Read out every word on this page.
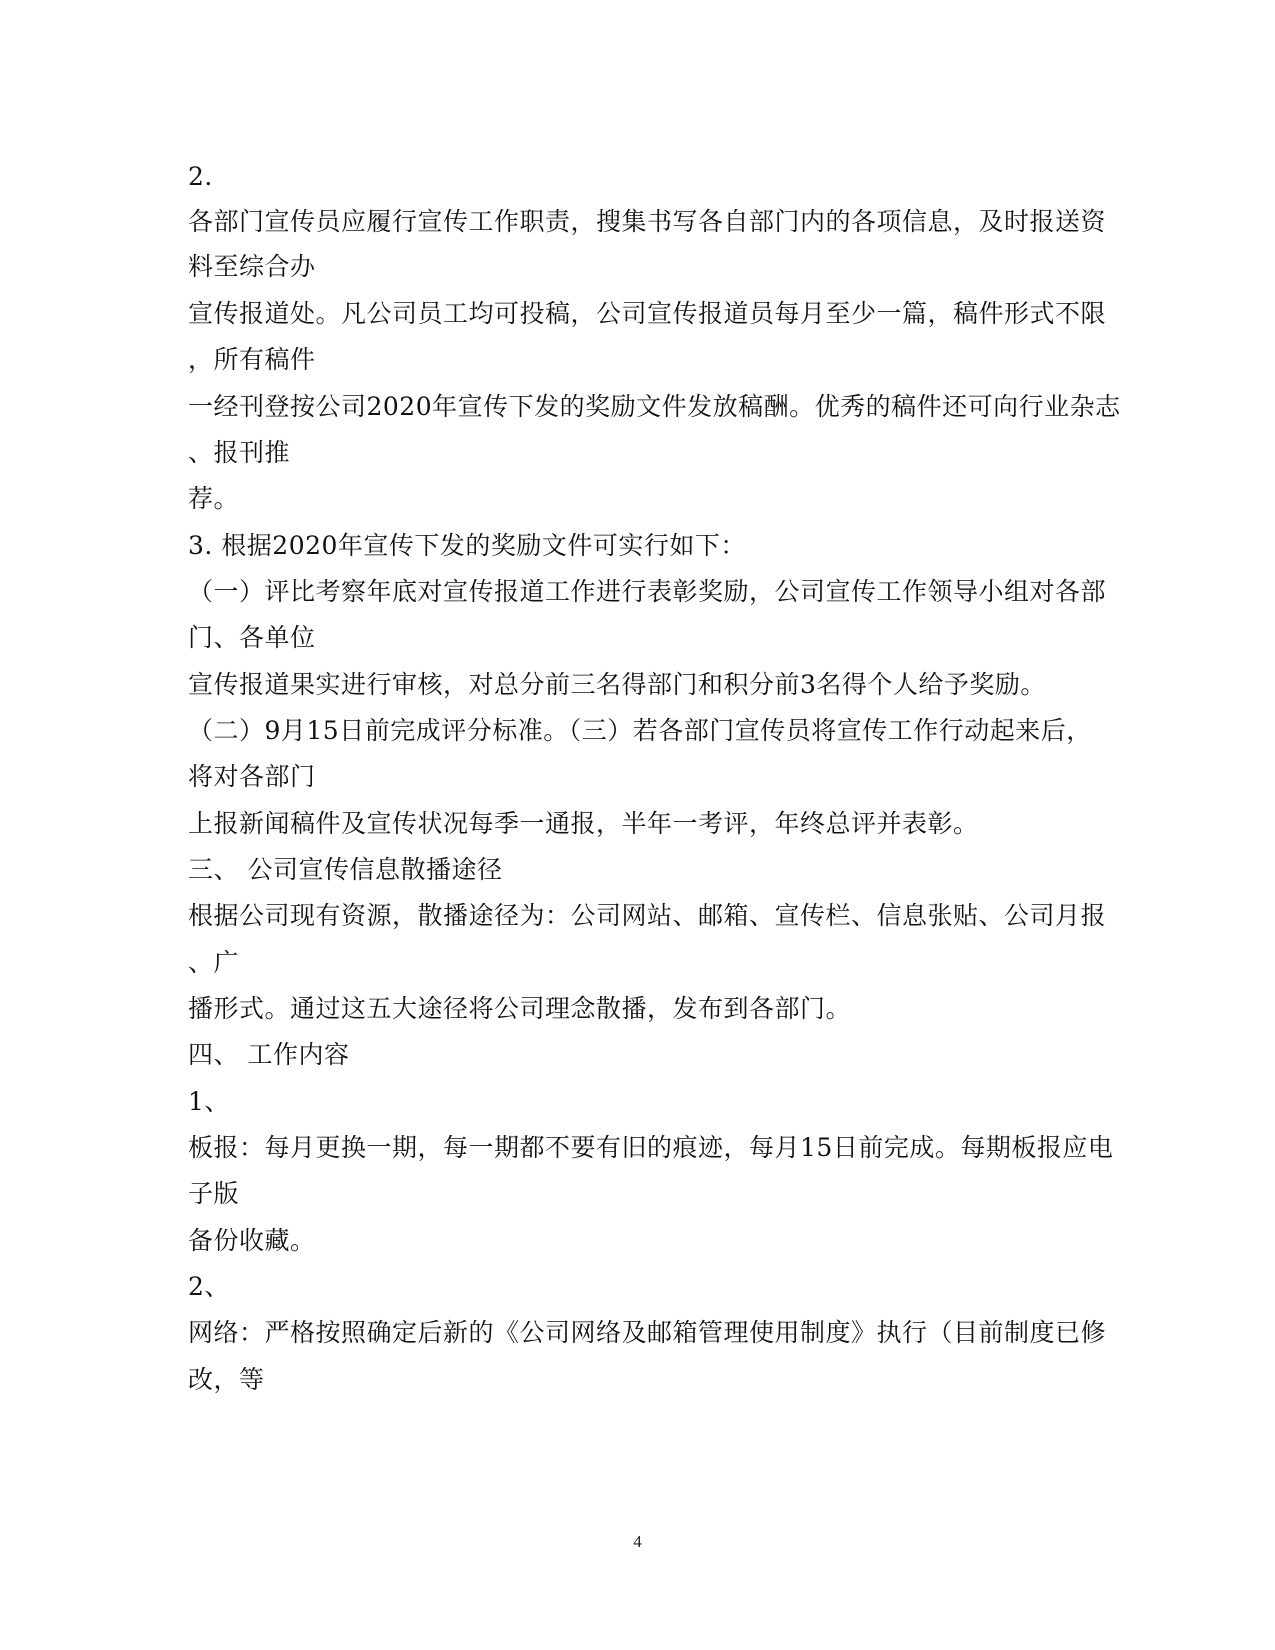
2.
各部门宣传员应履行宣传工作职责，搜集书写各自部门内的各项信息，及时报送资
料至综合办
宣传报道处。凡公司员工均可投稿，公司宣传报道员每月至少一篇，稿件形式不限
，所有稿件
一经刊登按公司2020年宣传下发的奖励文件发放稿酬。优秀的稿件还可向行业杂志
、报刊推
荐。
3. 根据2020年宣传下发的奖励文件可实行如下：
（一）评比考察年底对宣传报道工作进行表彰奖励，公司宣传工作领导小组对各部
门、各单位
宣传报道果实进行审核，对总分前三名得部门和积分前3名得个人给予奖励。
（二）9月15日前完成评分标准。（三）若各部门宣传员将宣传工作行动起来后，
将对各部门
上报新闻稿件及宣传状况每季一通报，半年一考评，年终总评并表彰。
三、 公司宣传信息散播途径
根据公司现有资源，散播途径为：公司网站、邮箱、宣传栏、信息张贴、公司月报
、广
播形式。通过这五大途径将公司理念散播，发布到各部门。
四、 工作内容
1、
板报：每月更换一期，每一期都不要有旧的痕迹，每月15日前完成。每期板报应电
子版
备份收藏。
2、
网络：严格按照确定后新的《公司网络及邮箱管理使用制度》执行（目前制度已修
改，等
4
